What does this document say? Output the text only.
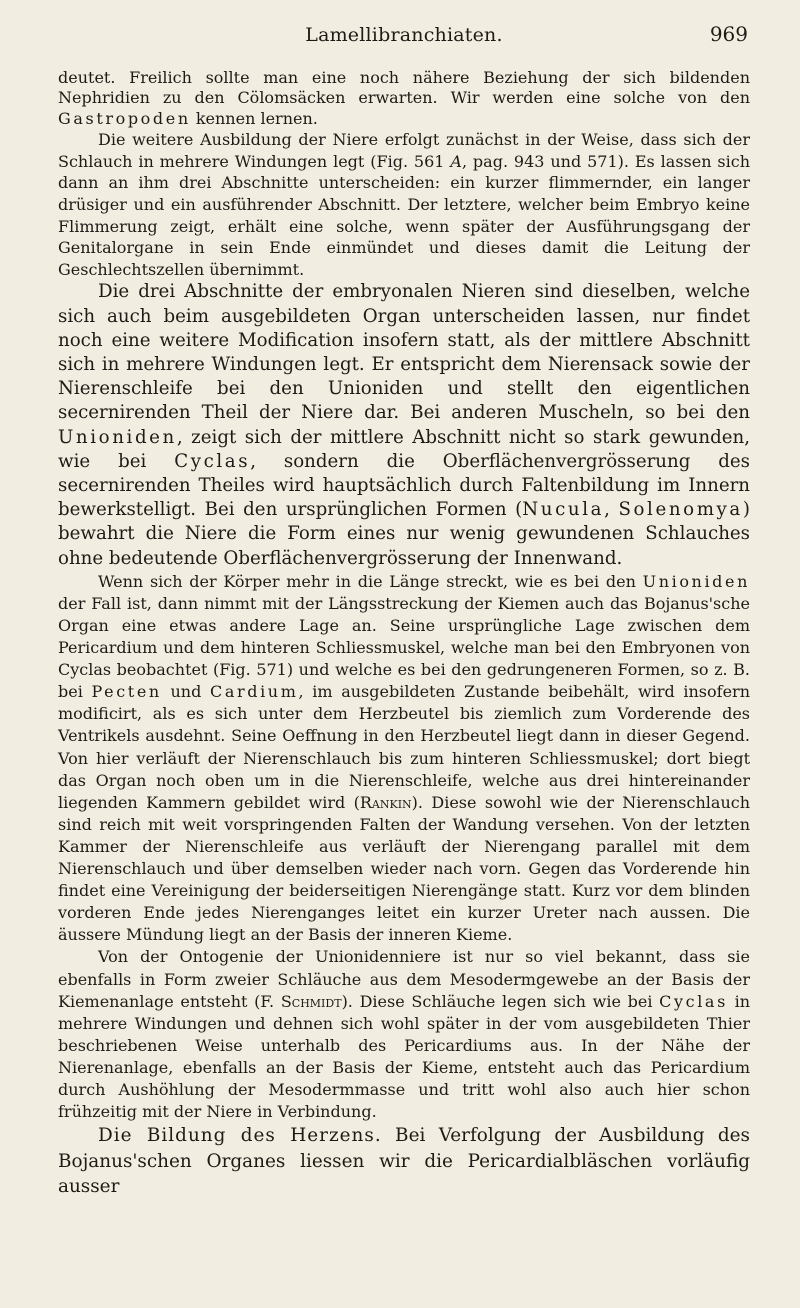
Lamellibranchiaten.	969

deutet. Freilich sollte man eine noch nähere Beziehung der sich bildenden Nephridien zu den Cölomsäcken erwarten. Wir werden eine solche von den Gastropoden kennen lernen.

Die weitere Ausbildung der Niere erfolgt zunächst in der Weise, dass sich der Schlauch in mehrere Windungen legt (Fig. 561 A, pag. 943 und 571). Es lassen sich dann an ihm drei Abschnitte unterscheiden: ein kurzer flimmernder, ein langer drüsiger und ein ausführender Abschnitt. Der letztere, welcher beim Embryo keine Flimmerung zeigt, erhält eine solche, wenn später der Ausführungsgang der Genitalorgane in sein Ende einmündet und dieses damit die Leitung der Geschlechtszellen übernimmt.

Die drei Abschnitte der embryonalen Nieren sind dieselben, welche sich auch beim ausgebildeten Organ unterscheiden lassen, nur findet noch eine weitere Modification insofern statt, als der mittlere Abschnitt sich in mehrere Windungen legt. Er entspricht dem Nierensack sowie der Nierenschleife bei den Unioniden und stellt den eigentlichen secernirenden Theil der Niere dar. Bei anderen Muscheln, so bei den Unioniden, zeigt sich der mittlere Abschnitt nicht so stark gewunden, wie bei Cyclas, sondern die Oberflächenvergrösserung des secernirenden Theiles wird hauptsächlich durch Faltenbildung im Innern bewerkstelligt. Bei den ursprünglichen Formen (Nucula, Solenomya) bewahrt die Niere die Form eines nur wenig gewundenen Schlauches ohne bedeutende Oberflächenvergrösserung der Innenwand.

Wenn sich der Körper mehr in die Länge streckt, wie es bei den Unioniden der Fall ist, dann nimmt mit der Längsstreckung der Kiemen auch das Bojanus'sche Organ eine etwas andere Lage an. Seine ursprüngliche Lage zwischen dem Pericardium und dem hinteren Schliessmuskel, welche man bei den Embryonen von Cyclas beobachtet (Fig. 571) und welche es bei den gedrungeneren Formen, so z. B. bei Pecten und Cardium, im ausgebildeten Zustande beibehält, wird insofern modificirt, als es sich unter dem Herzbeutel bis ziemlich zum Vorderende des Ventrikels ausdehnt. Seine Oeffnung in den Herzbeutel liegt dann in dieser Gegend. Von hier verläuft der Nierenschlauch bis zum hinteren Schliessmuskel; dort biegt das Organ noch oben um in die Nierenschleife, welche aus drei hintereinander liegenden Kammern gebildet wird (Rankin). Diese sowohl wie der Nierenschlauch sind reich mit weit vorspringenden Falten der Wandung versehen. Von der letzten Kammer der Nierenschleife aus verläuft der Nierengang parallel mit dem Nierenschlauch und über demselben wieder nach vorn. Gegen das Vorderende hin findet eine Vereinigung der beiderseitigen Nierengänge statt. Kurz vor dem blinden vorderen Ende jedes Nierenganges leitet ein kurzer Ureter nach aussen. Die äussere Mündung liegt an der Basis der inneren Kieme.

Von der Ontogenie der Unionidenniere ist nur so viel bekannt, dass sie ebenfalls in Form zweier Schläuche aus dem Mesodermgewebe an der Basis der Kiemenanlage entsteht (F. Schmidt). Diese Schläuche legen sich wie bei Cyclas in mehrere Windungen und dehnen sich wohl später in der vom ausgebildeten Thier beschriebenen Weise unterhalb des Pericardiums aus. In der Nähe der Nierenanlage, ebenfalls an der Basis der Kieme, entsteht auch das Pericardium durch Aushöhlung der Mesodermmasse und tritt wohl also auch hier schon frühzeitig mit der Niere in Verbindung.

Die Bildung des Herzens. Bei Verfolgung der Ausbildung des Bojanus'schen Organes liessen wir die Pericardialbläschen vorläufig ausser
